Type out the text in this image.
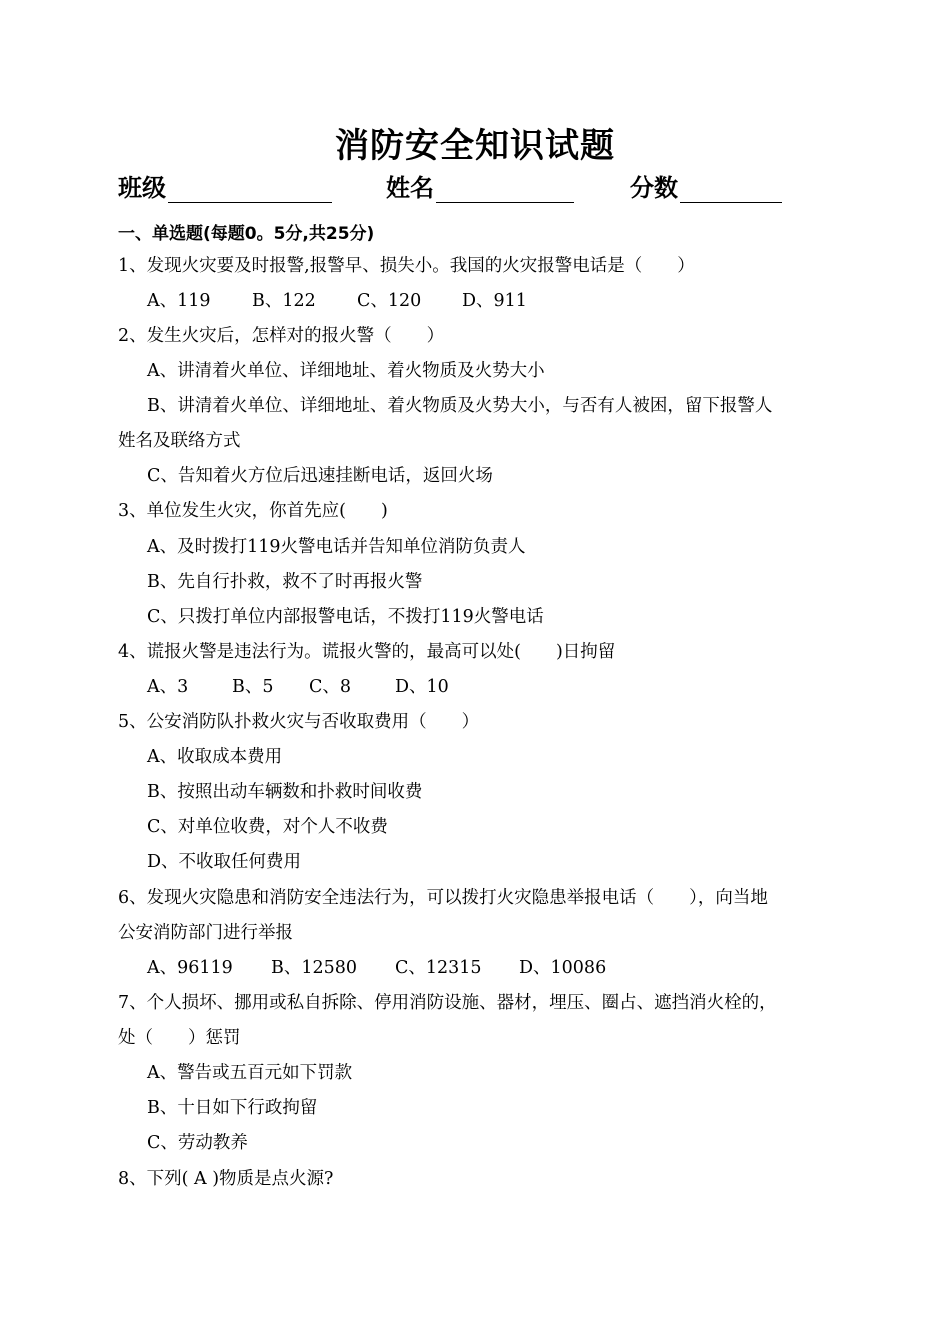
消防安全知识试题
班级	姓名	分数
一、单选题(每题0。5分,共25分)
1、发现火灾要及时报警,报警早、损失小。我国的火灾报警电话是（　　）
A、119 B、122 C、120 D、911
2、发生火灾后，怎样对的报火警（　　）
A、讲清着火单位、详细地址、着火物质及火势大小
B、讲清着火单位、详细地址、着火物质及火势大小，与否有人被困，留下报警人
姓名及联络方式
C、告知着火方位后迅速挂断电话，返回火场
3、单位发生火灾，你首先应(　　)
A、及时拨打119火警电话并告知单位消防负责人
B、先自行扑救，救不了时再报火警
C、只拨打单位内部报警电话，不拨打119火警电话
4、谎报火警是违法行为。谎报火警的，最高可以处(　　)日拘留
A、3 B、5 C、8	D、10
5、公安消防队扑救火灾与否收取费用（　　）
A、收取成本费用
B、按照出动车辆数和扑救时间收费
C、对单位收费，对个人不收费
D、不收取任何费用
6、发现火灾隐患和消防安全违法行为，可以拨打火灾隐患举报电话（　　），向当地
公安消防部门进行举报
A、96119 B、12580 C、12315 D、10086
7、个人损坏、挪用或私自拆除、停用消防设施、器材，埋压、圈占、遮挡消火栓的，
处（　　）惩罚
A、警告或五百元如下罚款
B、十日如下行政拘留
C、劳动教养
8、下列( A )物质是点火源?
